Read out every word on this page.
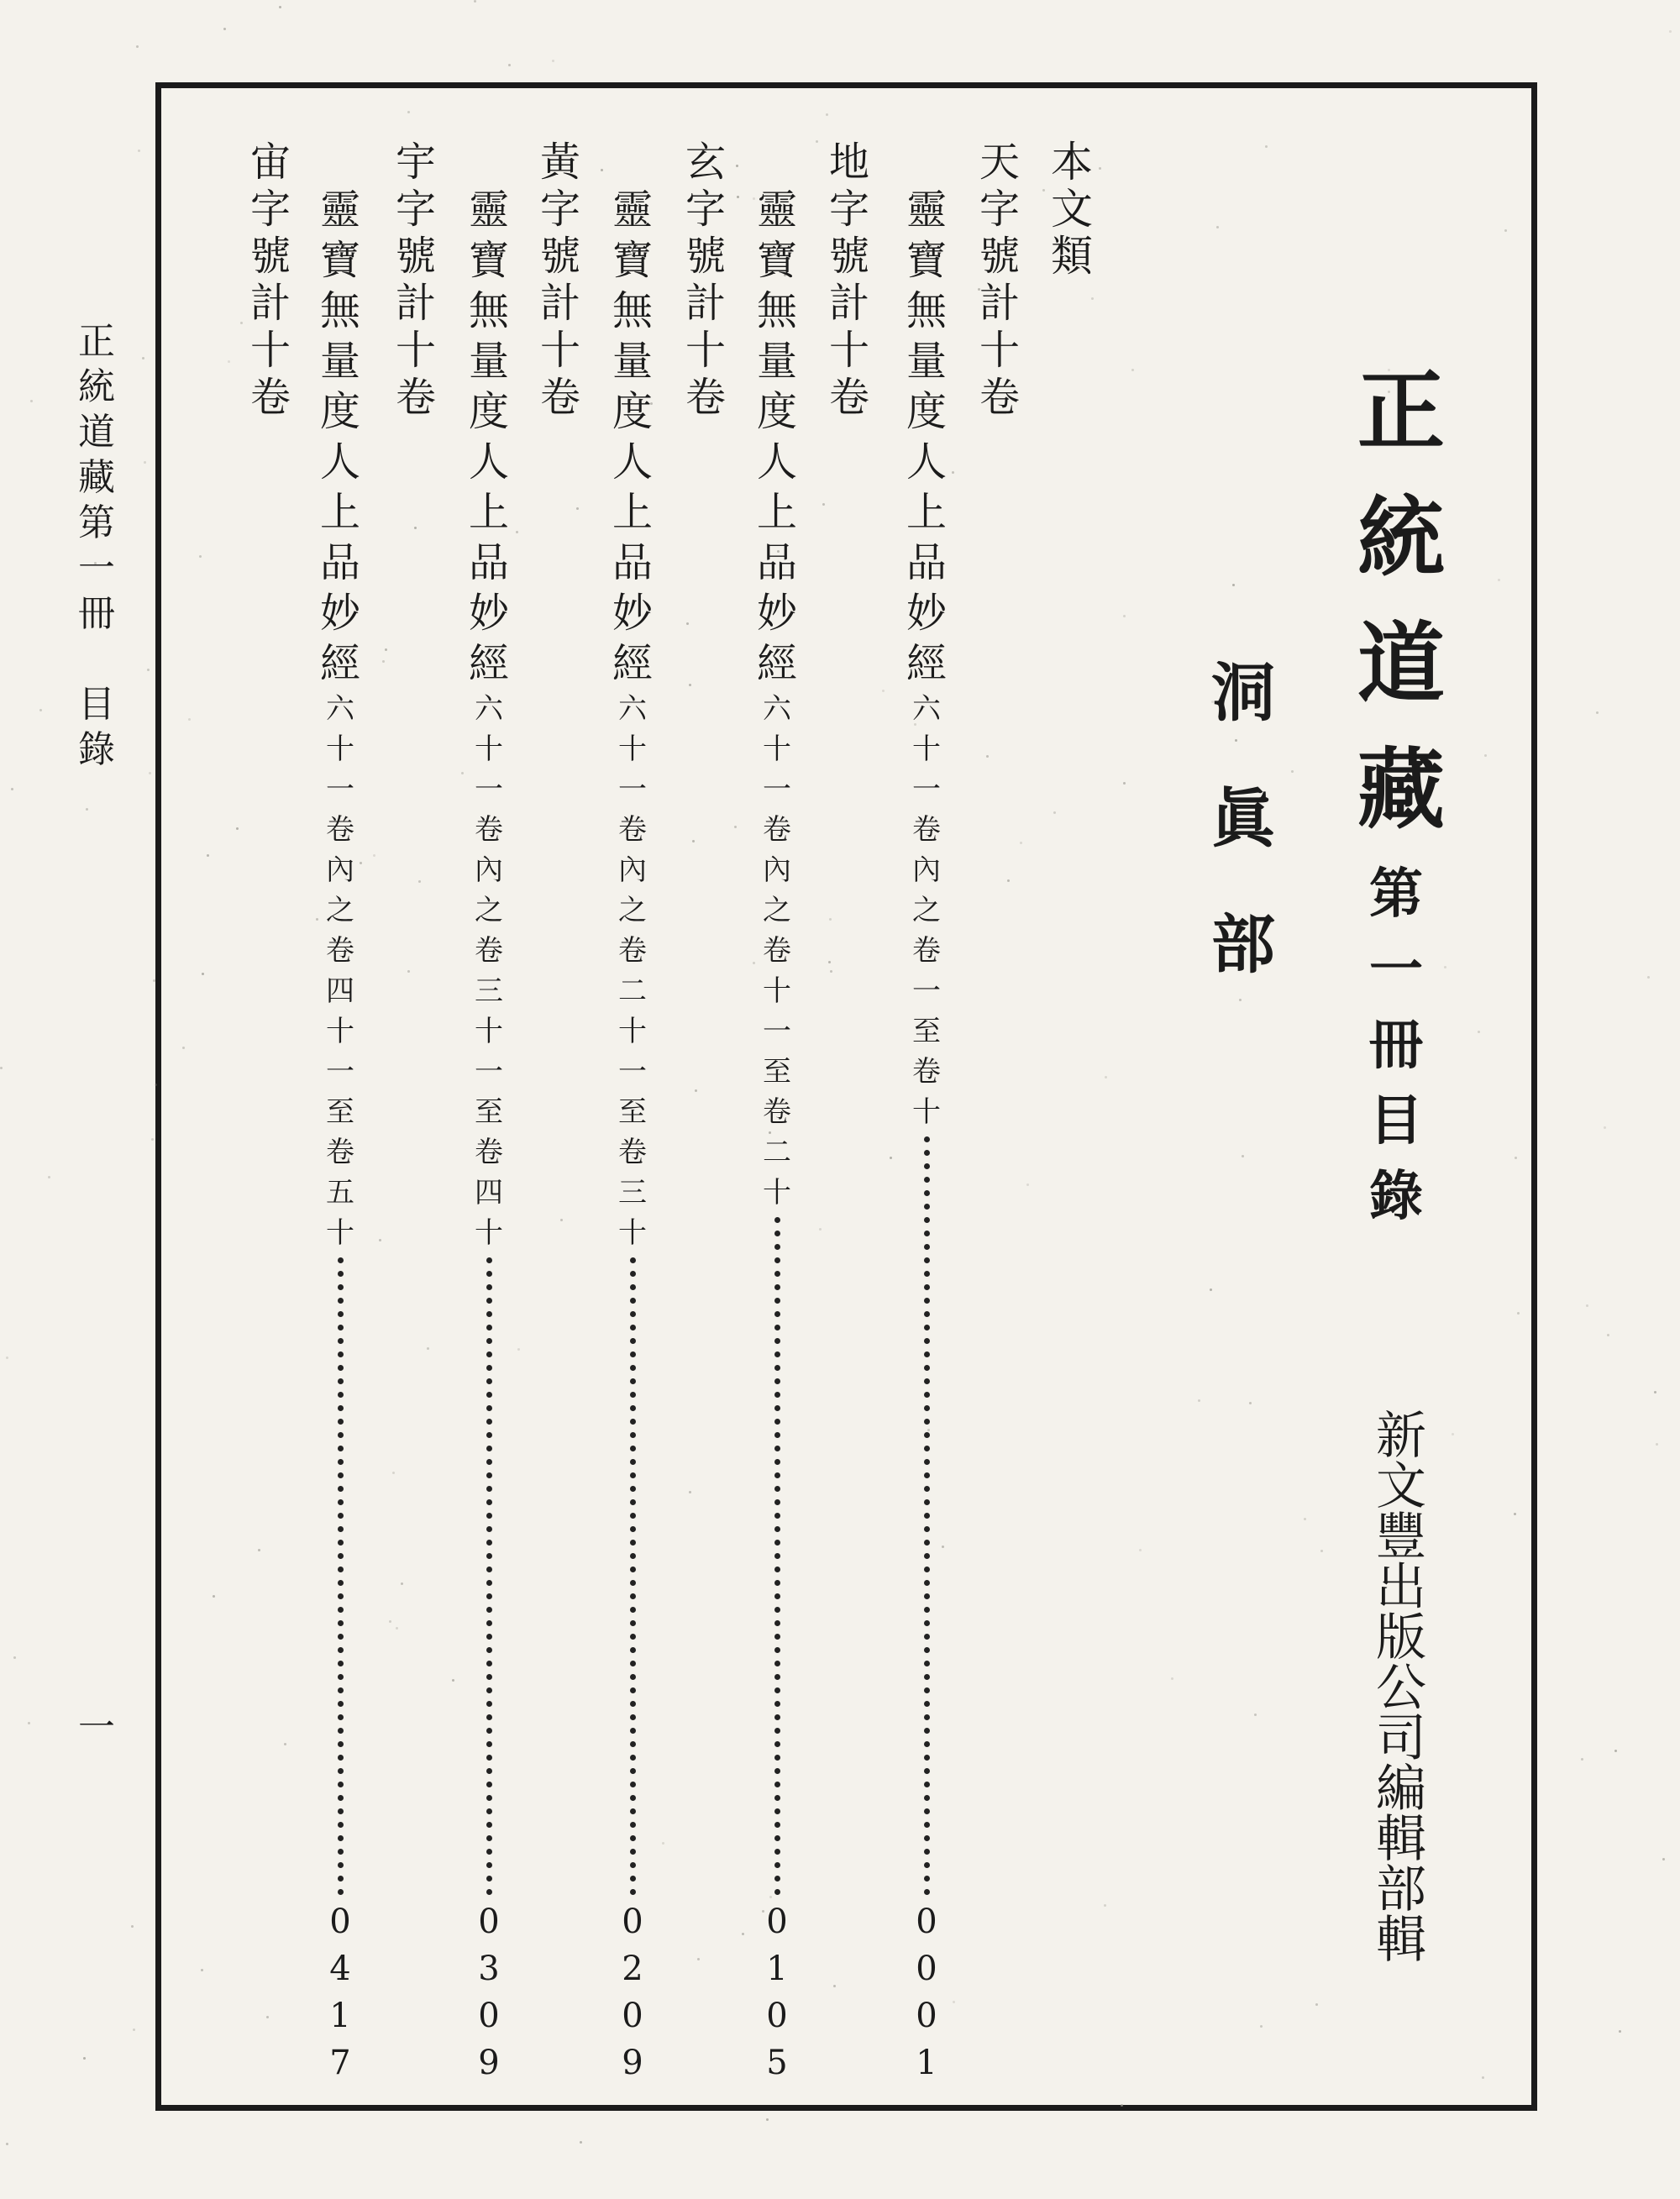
正
統
道
藏
第
一
冊

目
錄
一
正
統
道
藏
第
一
冊
目
錄
洞
眞
部
新
文
豐
出
版
公
司
編
輯
部
輯
本
文
類
天
字
號
計
十
卷
靈
寶
無
量
度
人
上
品
妙
經
六
十
一
卷
內
之
卷
一
至
卷
十
0
0
0
1
地
字
號
計
十
卷
靈
寶
無
量
度
人
上
品
妙
經
六
十
一
卷
內
之
卷
十
一
至
卷
二
十
0
1
0
5
玄
字
號
計
十
卷
靈
寶
無
量
度
人
上
品
妙
經
六
十
一
卷
內
之
卷
二
十
一
至
卷
三
十
0
2
0
9
黃
字
號
計
十
卷
靈
寶
無
量
度
人
上
品
妙
經
六
十
一
卷
內
之
卷
三
十
一
至
卷
四
十
0
3
0
9
宇
字
號
計
十
卷
靈
寶
無
量
度
人
上
品
妙
經
六
十
一
卷
內
之
卷
四
十
一
至
卷
五
十
0
4
1
7
宙
字
號
計
十
卷
